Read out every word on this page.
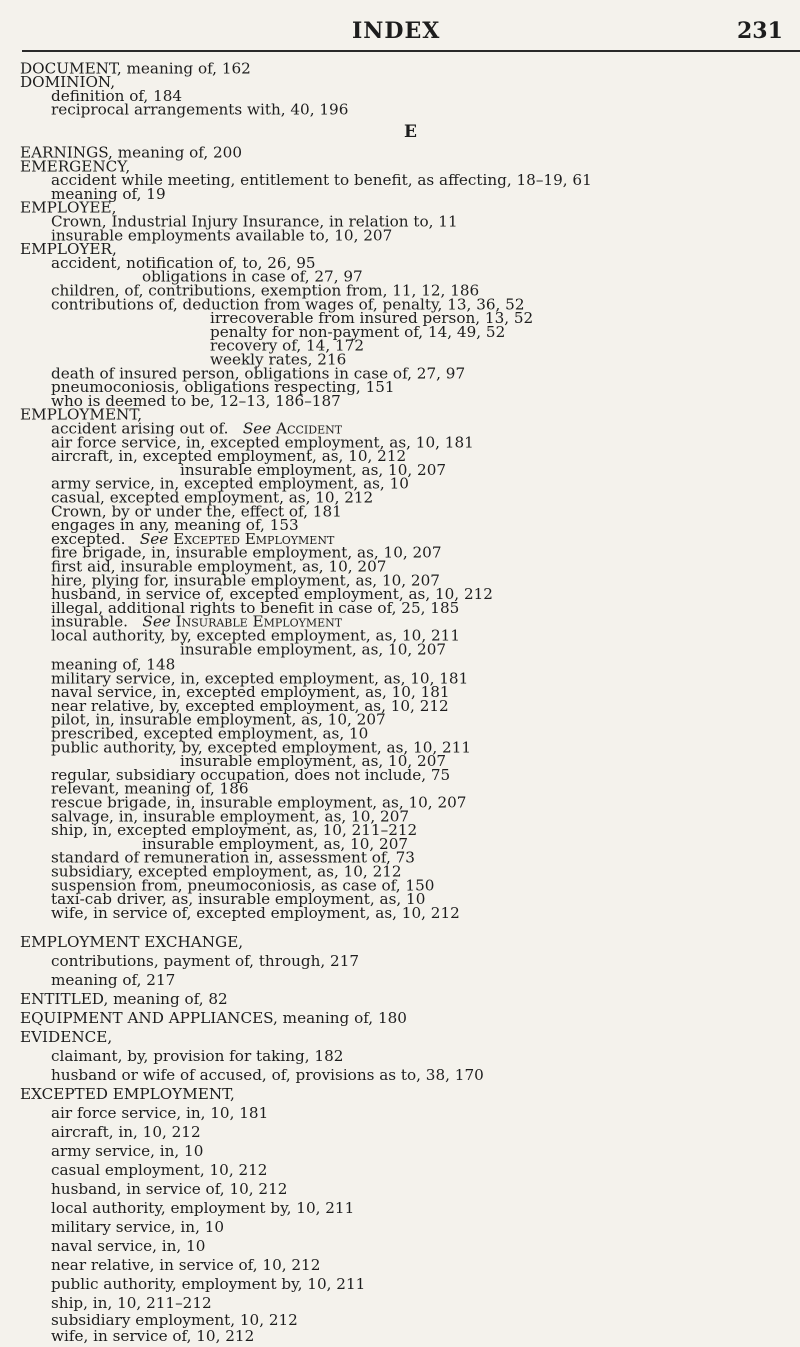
INDEX	231
DOCUMENT, meaning of, 162
DOMINION,
definition of, 184
reciprocal arrangements with, 40, 196
E
EARNINGS, meaning of, 200
EMERGENCY,
accident while meeting, entitlement to benefit, as affecting, 18–19, 61
meaning of, 19
EMPLOYEE,
Crown, Industrial Injury Insurance, in relation to, 11
insurable employments available to, 10, 207
EMPLOYER,
accident, notification of, to, 26, 95
obligations in case of, 27, 97
children, of, contributions, exemption from, 11, 12, 186
contributions of, deduction from wages of, penalty, 13, 36, 52
irrecoverable from insured person, 13, 52
penalty for non-payment of, 14, 49, 52
recovery of, 14, 172
weekly rates, 216
death of insured person, obligations in case of, 27, 97
pneumoconiosis, obligations respecting, 151
who is deemed to be, 12–13, 186–187
EMPLOYMENT,
accident arising out of. See Accident
air force service, in, excepted employment, as, 10, 181
aircraft, in, excepted employment, as, 10, 212
insurable employment, as, 10, 207
army service, in, excepted employment, as, 10
casual, excepted employment, as, 10, 212
Crown, by or under the, effect of, 181
engages in any, meaning of, 153
excepted. See Excepted Employment
fire brigade, in, insurable employment, as, 10, 207
first aid, insurable employment, as, 10, 207
hire, plying for, insurable employment, as, 10, 207
husband, in service of, excepted employment, as, 10, 212
illegal, additional rights to benefit in case of, 25, 185
insurable. See Insurable Employment
local authority, by, excepted employment, as, 10, 211
insurable employment, as, 10, 207
meaning of, 148
military service, in, excepted employment, as, 10, 181
naval service, in, excepted employment, as, 10, 181
near relative, by, excepted employment, as, 10, 212
pilot, in, insurable employment, as, 10, 207
prescribed, excepted employment, as, 10
public authority, by, excepted employment, as, 10, 211
insurable employment, as, 10, 207
regular, subsidiary occupation, does not include, 75
relevant, meaning of, 186
rescue brigade, in, insurable employment, as, 10, 207
salvage, in, insurable employment, as, 10, 207
ship, in, excepted employment, as, 10, 211–212
insurable employment, as, 10, 207
standard of remuneration in, assessment of, 73
subsidiary, excepted employment, as, 10, 212
suspension from, pneumoconiosis, as case of, 150
taxi-cab driver, as, insurable employment, as, 10
wife, in service of, excepted employment, as, 10, 212
EMPLOYMENT EXCHANGE,
contributions, payment of, through, 217
meaning of, 217
ENTITLED, meaning of, 82
EQUIPMENT AND APPLIANCES, meaning of, 180
EVIDENCE,
claimant, by, provision for taking, 182
husband or wife of accused, of, provisions as to, 38, 170
EXCEPTED EMPLOYMENT,
air force service, in, 10, 181
aircraft, in, 10, 212
army service, in, 10
casual employment, 10, 212
husband, in service of, 10, 212
local authority, employment by, 10, 211
military service, in, 10
naval service, in, 10
near relative, in service of, 10, 212
public authority, employment by, 10, 211
ship, in, 10, 211–212
subsidiary employment, 10, 212
wife, in service of, 10, 212
